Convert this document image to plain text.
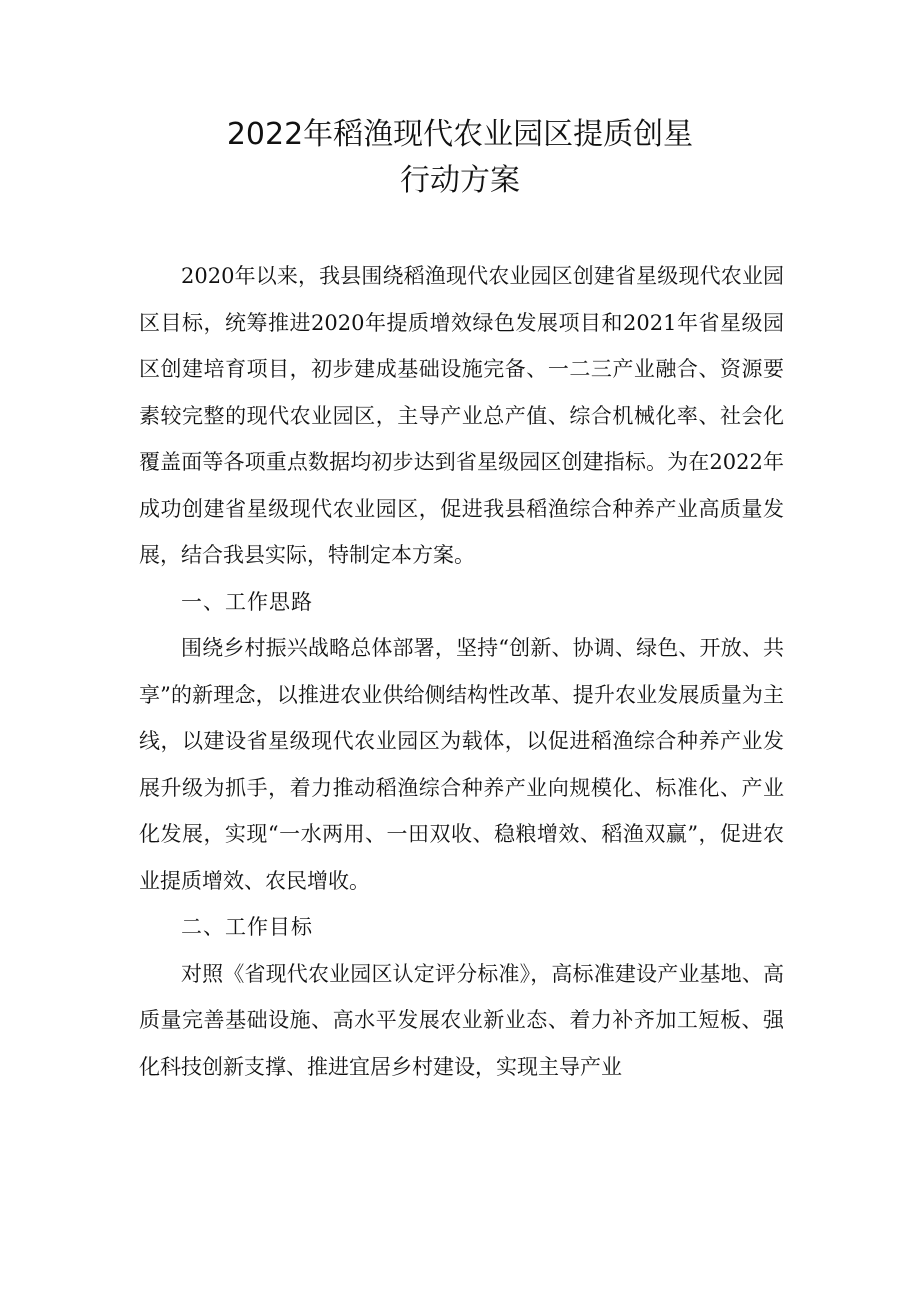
2022年稻渔现代农业园区提质创星
行动方案

2020年以来，我县围绕稻渔现代农业园区创建省星级现代农业园区目标，统筹推进2020年提质增效绿色发展项目和2021年省星级园区创建培育项目，初步建成基础设施完备、一二三产业融合、资源要素较完整的现代农业园区，主导产业总产值、综合机械化率、社会化覆盖面等各项重点数据均初步达到省星级园区创建指标。为在2022年成功创建省星级现代农业园区，促进我县稻渔综合种养产业高质量发展，结合我县实际，特制定本方案。

一、工作思路

围绕乡村振兴战略总体部署，坚持“创新、协调、绿色、开放、共享”的新理念，以推进农业供给侧结构性改革、提升农业发展质量为主线，以建设省星级现代农业园区为载体，以促进稻渔综合种养产业发展升级为抓手，着力推动稻渔综合种养产业向规模化、标准化、产业化发展，实现“一水两用、一田双收、稳粮增效、稻渔双赢”，促进农业提质增效、农民增收。

二、工作目标

对照《省现代农业园区认定评分标准》，高标准建设产业基地、高质量完善基础设施、高水平发展农业新业态、着力补齐加工短板、强化科技创新支撑、推进宜居乡村建设，实现主导产业
